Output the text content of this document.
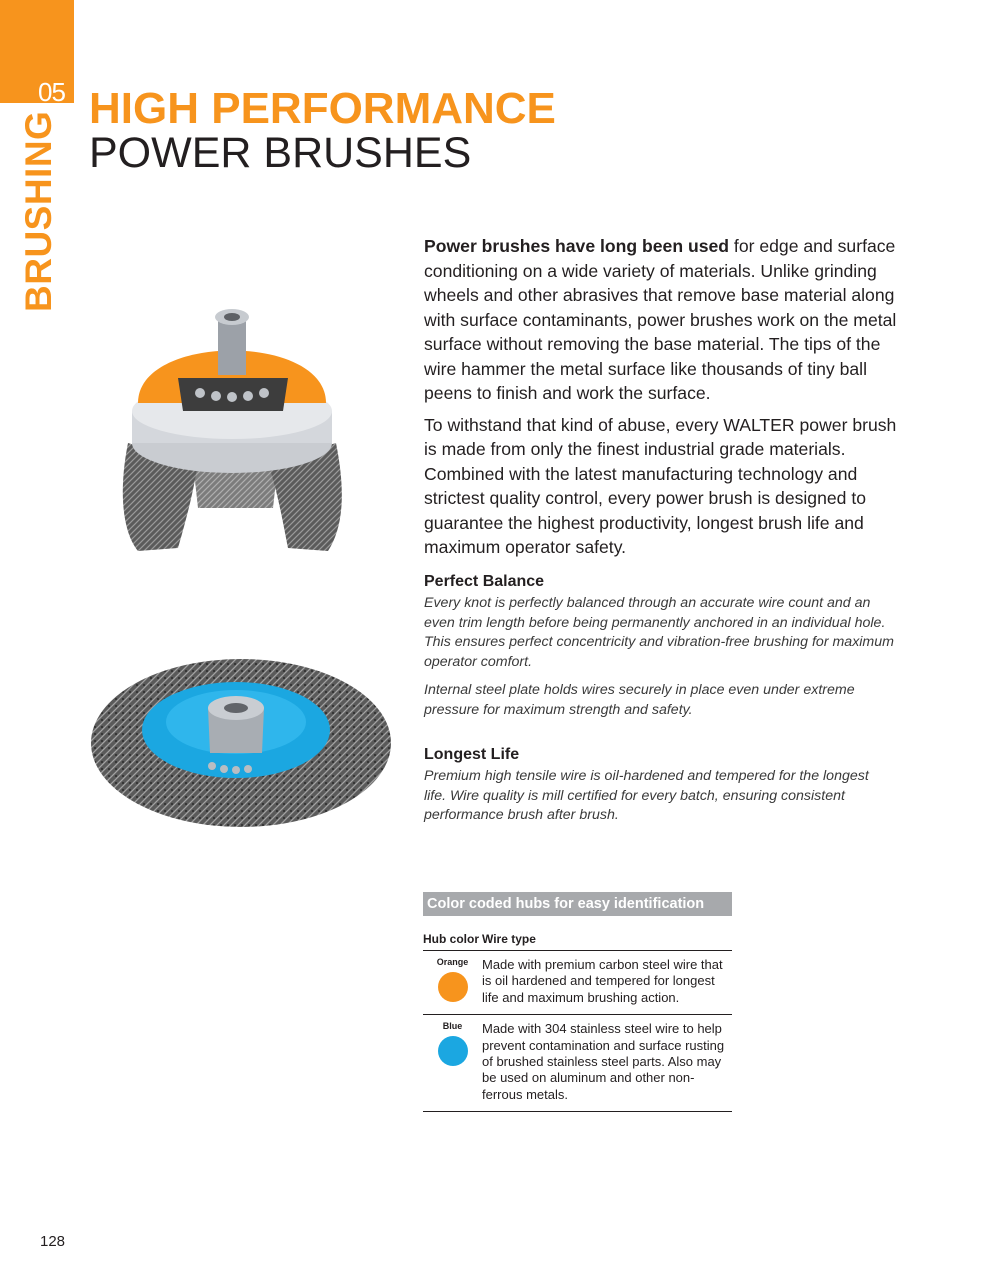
05
BRUSHING
HIGH PERFORMANCE
POWER BRUSHES

Power brushes have long been used for edge and surface conditioning on a wide variety of materials. Unlike grinding wheels and other abrasives that remove base material along with surface contaminants, power brushes work on the metal surface without removing the base material. The tips of the wire hammer the metal surface like thousands of tiny ball peens to finish and work the surface.

To withstand that kind of abuse, every WALTER power brush is made from only the finest industrial grade materials. Combined with the latest manufacturing technology and strictest quality control, every power brush is designed to guarantee the highest productivity, longest brush life and maximum operator safety.

Perfect Balance

Every knot is perfectly balanced through an accurate wire count and an even trim length before being permanently anchored in an individual hole. This ensures perfect concentricity and vibration-free brushing for maximum operator comfort.

Internal steel plate holds wires securely in place even under extreme pressure for maximum strength and safety.

Longest Life

Premium high tensile wire is oil-hardened and tempered for the longest life. Wire quality is mill certified for every batch, ensuring consistent performance brush after brush.

Color coded hubs for easy identification
Hub color	Wire type

Orange	Made with premium carbon steel wire that is oil hardened and tempered for longest life and maximum brushing action.

Blue	Made with 304 stainless steel wire to help prevent contamination and surface rusting of brushed stainless steel parts. Also may be used on aluminum and other non-ferrous metals.
128
